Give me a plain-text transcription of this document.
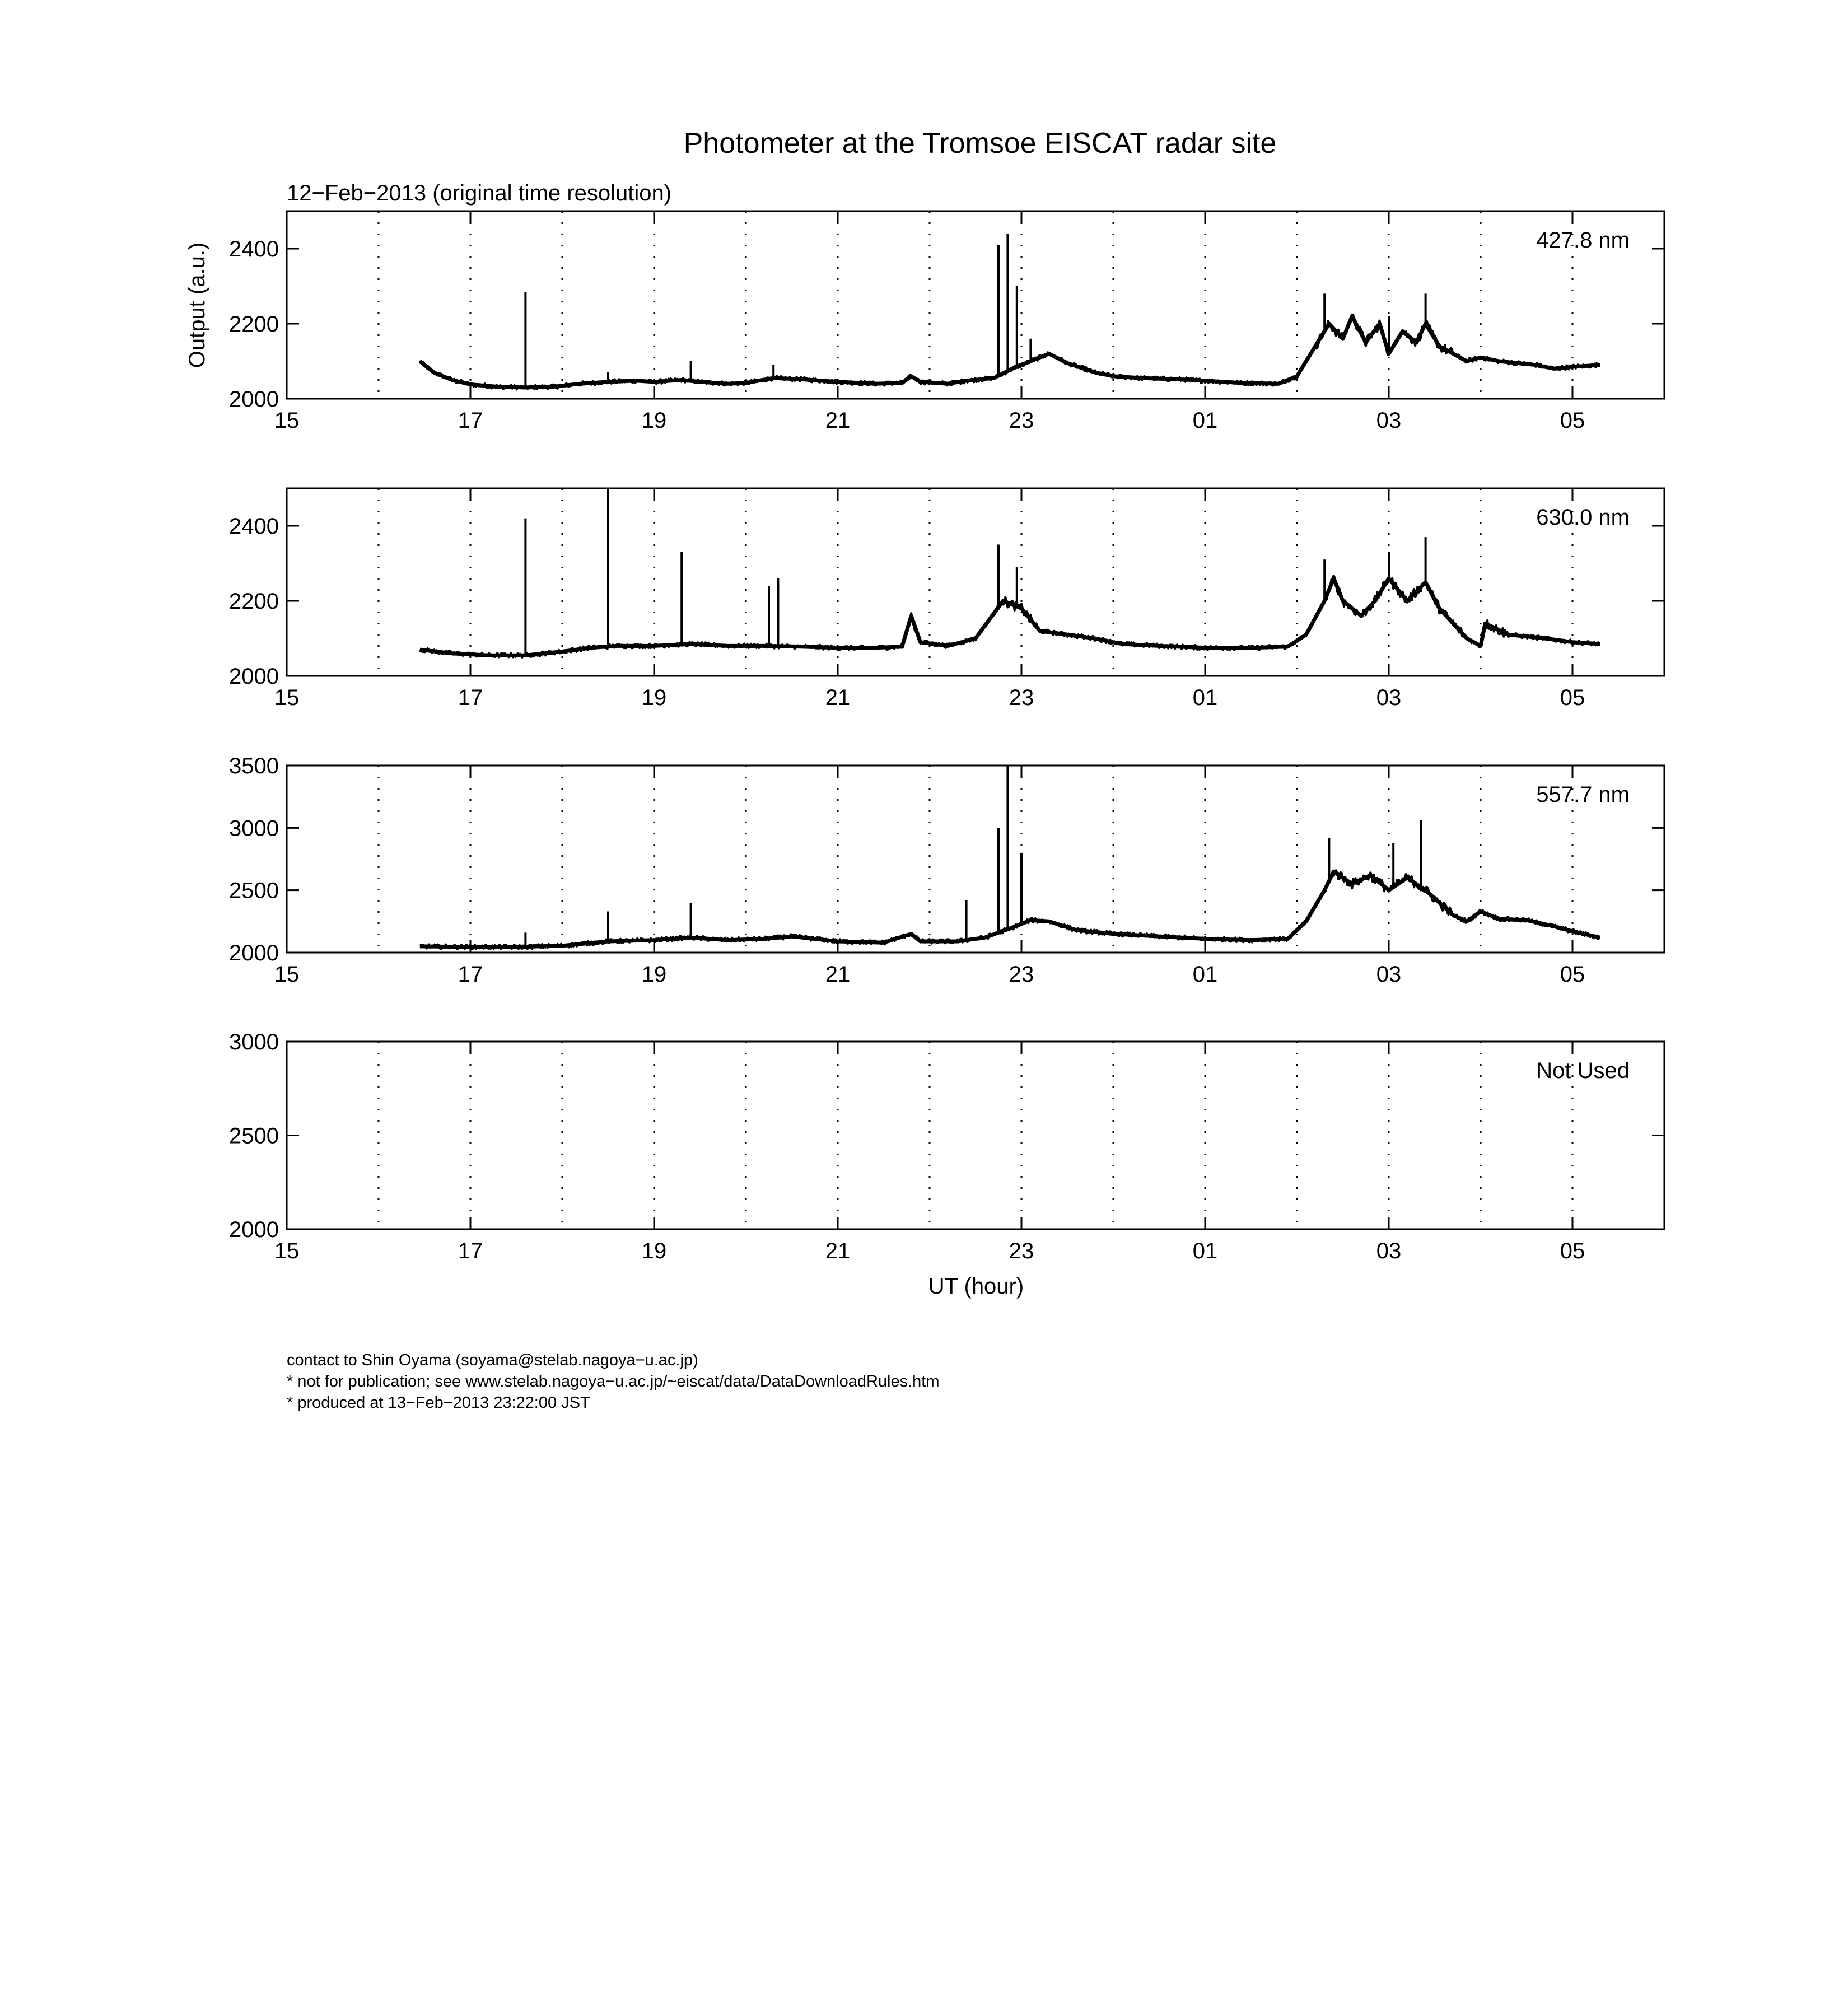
Photometer at the Tromsoe EISCAT radar site
12−Feb−2013 (original time resolution)
Output (a.u.)
UT (hour)
15	17	19	21	23	01	03	05
2000
2200
2400	427.8 nm
15	17	19	21	23	01	03	05
2000
2200
2400	630.0 nm
15	17	19	21	23	01	03	05
2000
2500
3000
3500
557.7 nm
15	17	19	21	23	01	03	05
2000
2500
3000
Not Used
contact to Shin Oyama (soyama@stelab.nagoya−u.ac.jp)
* not for publication; see www.stelab.nagoya−u.ac.jp/~eiscat/data/DataDownloadRules.htm
* produced at 13−Feb−2013 23:22:00 JST
